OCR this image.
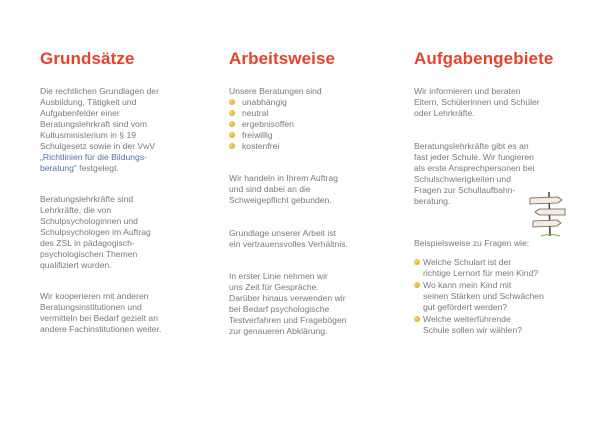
Grundsätze
Die rechtlichen Grundlagen der
Ausbildung, Tätigkeit und
Aufgabenfelder einer
Beratungslehrkraft sind vom
Kultusministerium in § 19
Schulgesetz sowie in der VwV
„Richtlinien für die Bildungs-
beratung“ festgelegt.
Beratungslehrkräfte sind
Lehrkräfte, die von
Schulpsychologinnen und
Schulpsychologen im Auftrag
des ZSL in pädagogisch-
psychologischen Themen
qualifiziert wurden.
Wir kooperieren mit anderen
Beratungsinstitutionen und
vermitteln bei Bedarf gezielt an
andere Fachinstitutionen weiter.
Arbeitsweise
Unsere Beratungen sind
unabhängig
neutral
ergebnisoffen
freiwillig
kostenfrei
Wir handeln in Ihrem Auftrag
und sind dabei an die
Schweigepflicht gebunden.
Grundlage unserer Arbeit ist
ein vertrauensvolles Verhältnis.
In erster Linie nehmen wir
uns Zeit für Gespräche.
Darüber hinaus verwenden wir
bei Bedarf psychologische
Testverfahren und Fragebögen
zur genaueren Abklärung.
Aufgabengebiete
Wir informieren und beraten
Eltern, Schülerinnen und Schüler
oder Lehrkräfte.
Beratungslehrkräfte gibt es an
fast jeder Schule. Wir fungieren
als erste Ansprechpersonen bei
Schulschwierigkeiten und
Fragen zur Schullaufbahn-
beratung.
Beispielsweise zu Fragen wie:
Welche Schulart ist der
richtige Lernort für mein Kind?
Wo kann mein Kind mit
seinen Stärken und Schwächen
gut gefördert werden?
Welche weiterführende
Schule sollen wir wählen?
